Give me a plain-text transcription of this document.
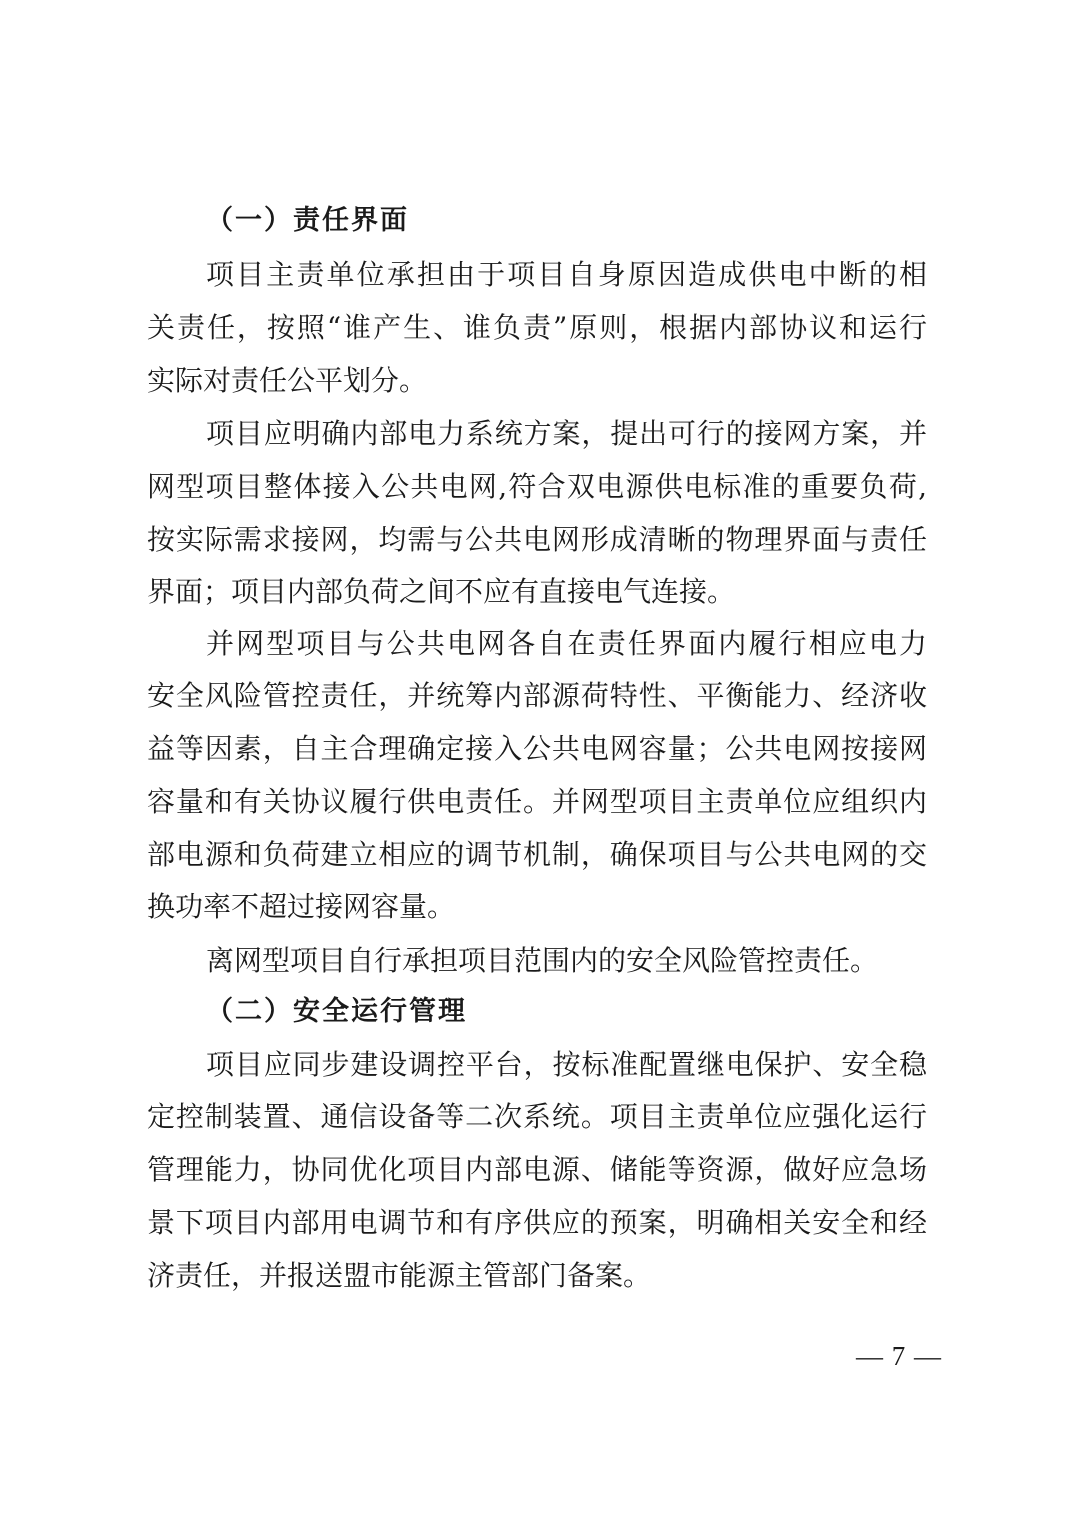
（一）责任界面
项目主责单位承担由于项目自身原因造成供电中断的相
关责任，按照“谁产生、谁负责”原则，根据内部协议和运行
实际对责任公平划分。
项目应明确内部电力系统方案，提出可行的接网方案，并
网型项目整体接入公共电网,符合双电源供电标准的重要负荷,
按实际需求接网，均需与公共电网形成清晰的物理界面与责任
界面；项目内部负荷之间不应有直接电气连接。
并网型项目与公共电网各自在责任界面内履行相应电力
安全风险管控责任，并统筹内部源荷特性、平衡能力、经济收
益等因素，自主合理确定接入公共电网容量；公共电网按接网
容量和有关协议履行供电责任。并网型项目主责单位应组织内
部电源和负荷建立相应的调节机制，确保项目与公共电网的交
换功率不超过接网容量。
离网型项目自行承担项目范围内的安全风险管控责任。
（二）安全运行管理
项目应同步建设调控平台，按标准配置继电保护、安全稳
定控制装置、通信设备等二次系统。项目主责单位应强化运行
管理能力，协同优化项目内部电源、储能等资源，做好应急场
景下项目内部用电调节和有序供应的预案，明确相关安全和经
济责任，并报送盟市能源主管部门备案。
— 7 —
